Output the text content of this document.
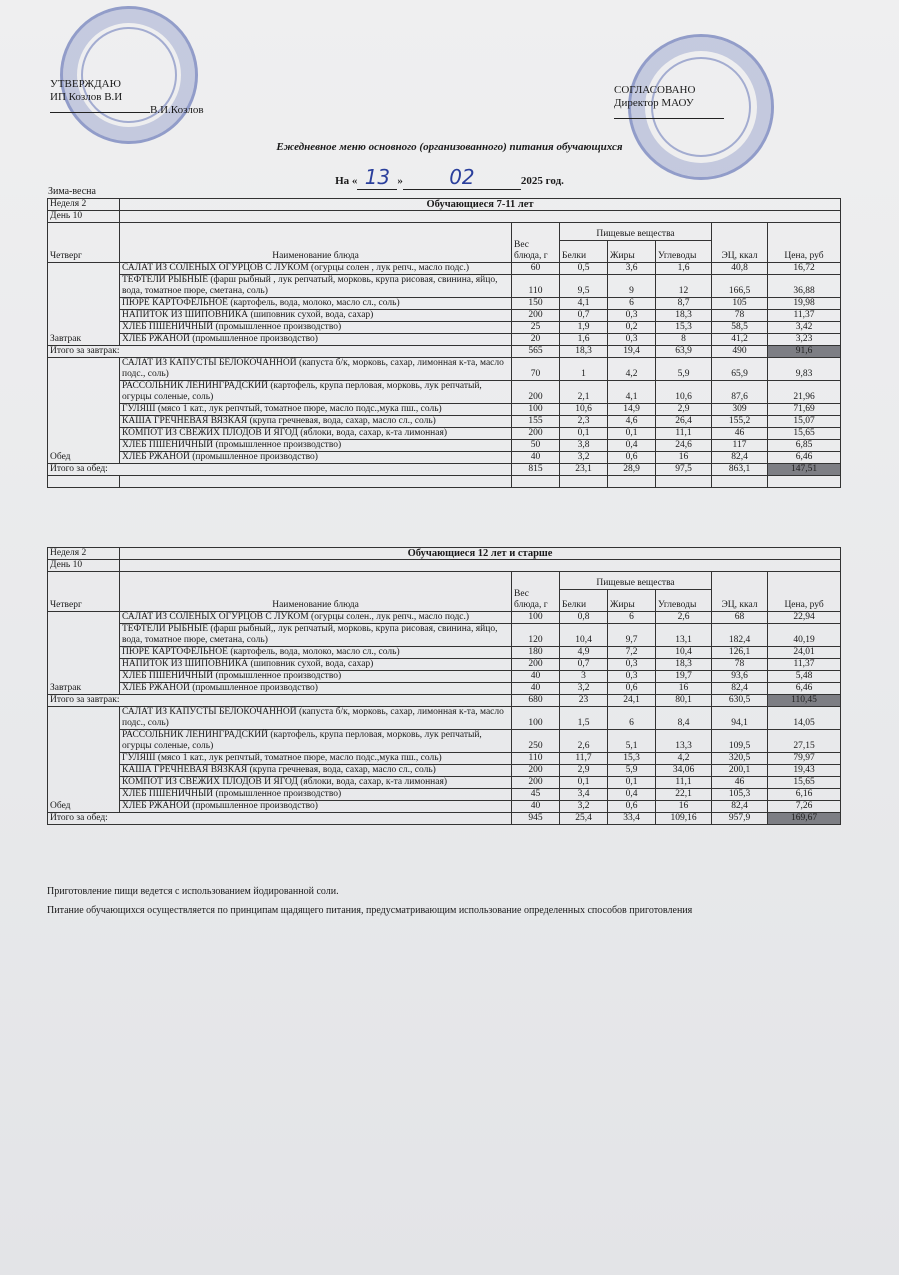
УТВЕРЖДАЮ
ИП Козлов В.И
В.И.Козлов
СОГЛАСОВАНО
Директор МАОУ
Ежедневное меню основного (организованного) питания обучающихся
На « 13 » 02	2025 год.
Зима-весна
Неделя 2	Обучающиеся 7-11 лет						
День 10							
Четверг	Наименование блюда	Вес блюда, г	Пищевые вещества			ЭЦ, ккал	Цена, руб
			Белки	Жиры	Углеводы		
Завтрак	САЛАТ ИЗ СОЛЕНЫХ ОГУРЦОВ С ЛУКОМ (огурцы солен , лук репч., масло подс.)	60	0,5	3,6	1,6	40,8	16,72
	ТЕФТЕЛИ РЫБНЫЕ (фарш рыбный , лук репчатый, морковь, крупа рисовая, свинина, яйцо, вода, томатное пюре, сметана, соль)	110	9,5	9	12	166,5	36,88
	ПЮРЕ КАРТОФЕЛЬНОЕ (картофель, вода, молоко, масло сл., соль)	150	4,1	6	8,7	105	19,98
	НАПИТОК ИЗ ШИПОВНИКА (шиповник сухой, вода, сахар)	200	0,7	0,3	18,3	78	11,37
	ХЛЕБ ПШЕНИЧНЫЙ (промышленное производство)	25	1,9	0,2	15,3	58,5	3,42
	ХЛЕБ РЖАНОЙ (промышленное производство)	20	1,6	0,3	8	41,2	3,23
Итого за завтрак:		565	18,3	19,4	63,9	490	91,6
Обед	САЛАТ ИЗ КАПУСТЫ БЕЛОКОЧАННОЙ (капуста б/к, морковь, сахар, лимонная к-та, масло подс., соль)	70	1	4,2	5,9	65,9	9,83
	РАССОЛЬНИК ЛЕНИНГРАДСКИЙ (картофель, крупа перловая, морковь, лук репчатый, огурцы соленые, соль)	200	2,1	4,1	10,6	87,6	21,96
	ГУЛЯШ (мясо 1 кат., лук репчтый, томатное пюре, масло подс.,мука пш., соль)	100	10,6	14,9	2,9	309	71,69
	КАША ГРЕЧНЕВАЯ ВЯЗКАЯ (крупа гречневая, вода, сахар, масло сл., соль)	155	2,3	4,6	26,4	155,2	15,07
	КОМПОТ ИЗ СВЕЖИХ ПЛОДОВ И ЯГОД (яблоки, вода, сахар, к-та лимонная)	200	0,1	0,1	11,1	46	15,65
	ХЛЕБ ПШЕНИЧНЫЙ (промышленное производство)	50	3,8	0,4	24,6	117	6,85
	ХЛЕБ РЖАНОЙ (промышленное производство)	40	3,2	0,6	16	82,4	6,46
Итого за обед:		815	23,1	28,9	97,5	863,1	147,51

Неделя 2	Обучающиеся 12 лет и старше						
День 10							
Четверг	Наименование блюда	Вес блюда, г	Пищевые вещества			ЭЦ, ккал	Цена, руб
			Белки	Жиры	Углеводы		
Завтрак	САЛАТ ИЗ СОЛЕНЫХ ОГУРЦОВ С ЛУКОМ (огурцы солен., лук репч., масло подс.)	100	0,8	6	2,6	68	22,94
	ТЕФТЕЛИ РЫБНЫЕ (фарш рыбный,, лук репчатый, морковь, крупа рисовая, свинина, яйцо, вода, томатное пюре, сметана, соль)	120	10,4	9,7	13,1	182,4	40,19
	ПЮРЕ КАРТОФЕЛЬНОЕ (картофель, вода, молоко, масло сл., соль)	180	4,9	7,2	10,4	126,1	24,01
	НАПИТОК ИЗ ШИПОВНИКА (шиповник сухой, вода, сахар)	200	0,7	0,3	18,3	78	11,37
	ХЛЕБ ПШЕНИЧНЫЙ (промышленное производство)	40	3	0,3	19,7	93,6	5,48
	ХЛЕБ РЖАНОЙ (промышленное производство)	40	3,2	0,6	16	82,4	6,46
Итого за завтрак:		680	23	24,1	80,1	630,5	110,45
Обед	САЛАТ ИЗ КАПУСТЫ БЕЛОКОЧАННОЙ (капуста б/к, морковь, сахар, лимонная к-та, масло подс., соль)	100	1,5	6	8,4	94,1	14,05
	РАССОЛЬНИК ЛЕНИНГРАДСКИЙ (картофель, крупа перловая, морковь, лук репчатый, огурцы соленые, соль)	250	2,6	5,1	13,3	109,5	27,15
	ГУЛЯШ (мясо 1 кат., лук репчтый, томатное пюре, масло подс.,мука пш., соль)	110	11,7	15,3	4,2	320,5	79,97
	КАША ГРЕЧНЕВАЯ ВЯЗКАЯ (крупа гречневая, вода, сахар, масло сл., соль)	200	2,9	5,9	34,06	200,1	19,43
	КОМПОТ ИЗ СВЕЖИХ ПЛОДОВ И ЯГОД (яблоки, вода, сахар, к-та лимонная)	200	0,1	0,1	11,1	46	15,65
	ХЛЕБ ПШЕНИЧНЫЙ (промышленное производство)	45	3,4	0,4	22,1	105,3	6,16
	ХЛЕБ РЖАНОЙ (промышленное производство)	40	3,2	0,6	16	82,4	7,26
Итого за обед:		945	25,4	33,4	109,16	957,9	169,67
Приготовление пищи ведется с использованием йодированной соли.
Питание обучающихся осуществляется по принципам щадящего питания, предусматривающим использование определенных способов приготовления
